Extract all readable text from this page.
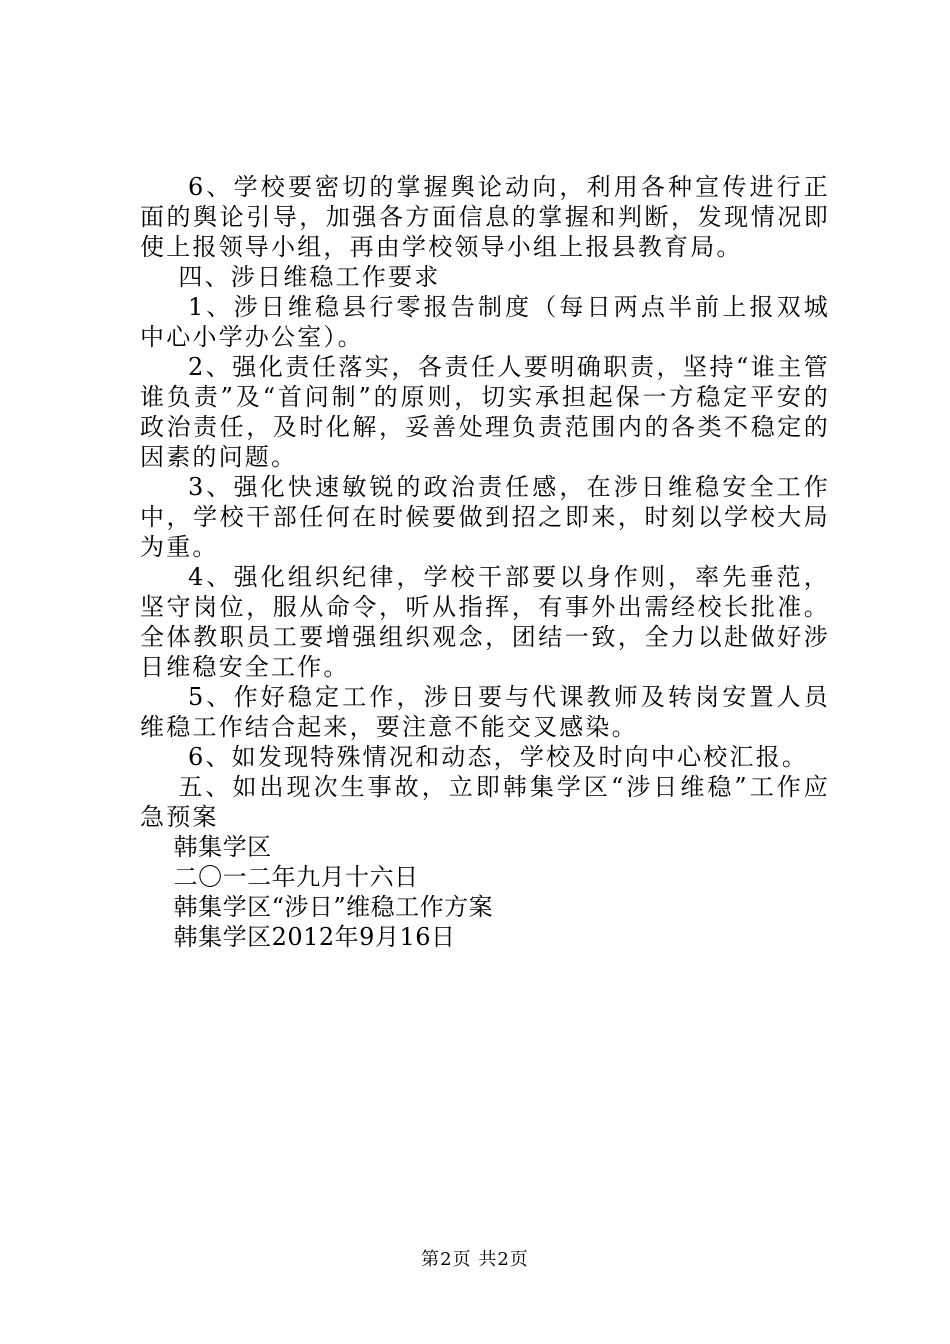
6、学校要密切的掌握舆论动向，利用各种宣传进行正面的舆论引导，加强各方面信息的掌握和判断，发现情况即使上报领导小组，再由学校领导小组上报县教育局。

四、涉日维稳工作要求

1、涉日维稳县行零报告制度（每日两点半前上报双城中心小学办公室）。

2、强化责任落实，各责任人要明确职责，坚持“谁主管谁负责”及“首问制”的原则，切实承担起保一方稳定平安的政治责任，及时化解，妥善处理负责范围内的各类不稳定的因素的问题。

3、强化快速敏锐的政治责任感，在涉日维稳安全工作中，学校干部任何在时候要做到招之即来，时刻以学校大局为重。

4、强化组织纪律，学校干部要以身作则，率先垂范，坚守岗位，服从命令，听从指挥，有事外出需经校长批准。全体教职员工要增强组织观念，团结一致，全力以赴做好涉日维稳安全工作。

5、作好稳定工作，涉日要与代课教师及转岗安置人员维稳工作结合起来，要注意不能交叉感染。

6、如发现特殊情况和动态，学校及时向中心校汇报。

五、如出现次生事故，立即韩集学区“涉日维稳”工作应急预案

韩集学区

二〇一二年九月十六日

韩集学区“涉日”维稳工作方案

韩集学区2012年9月16日

第2页 共2页
